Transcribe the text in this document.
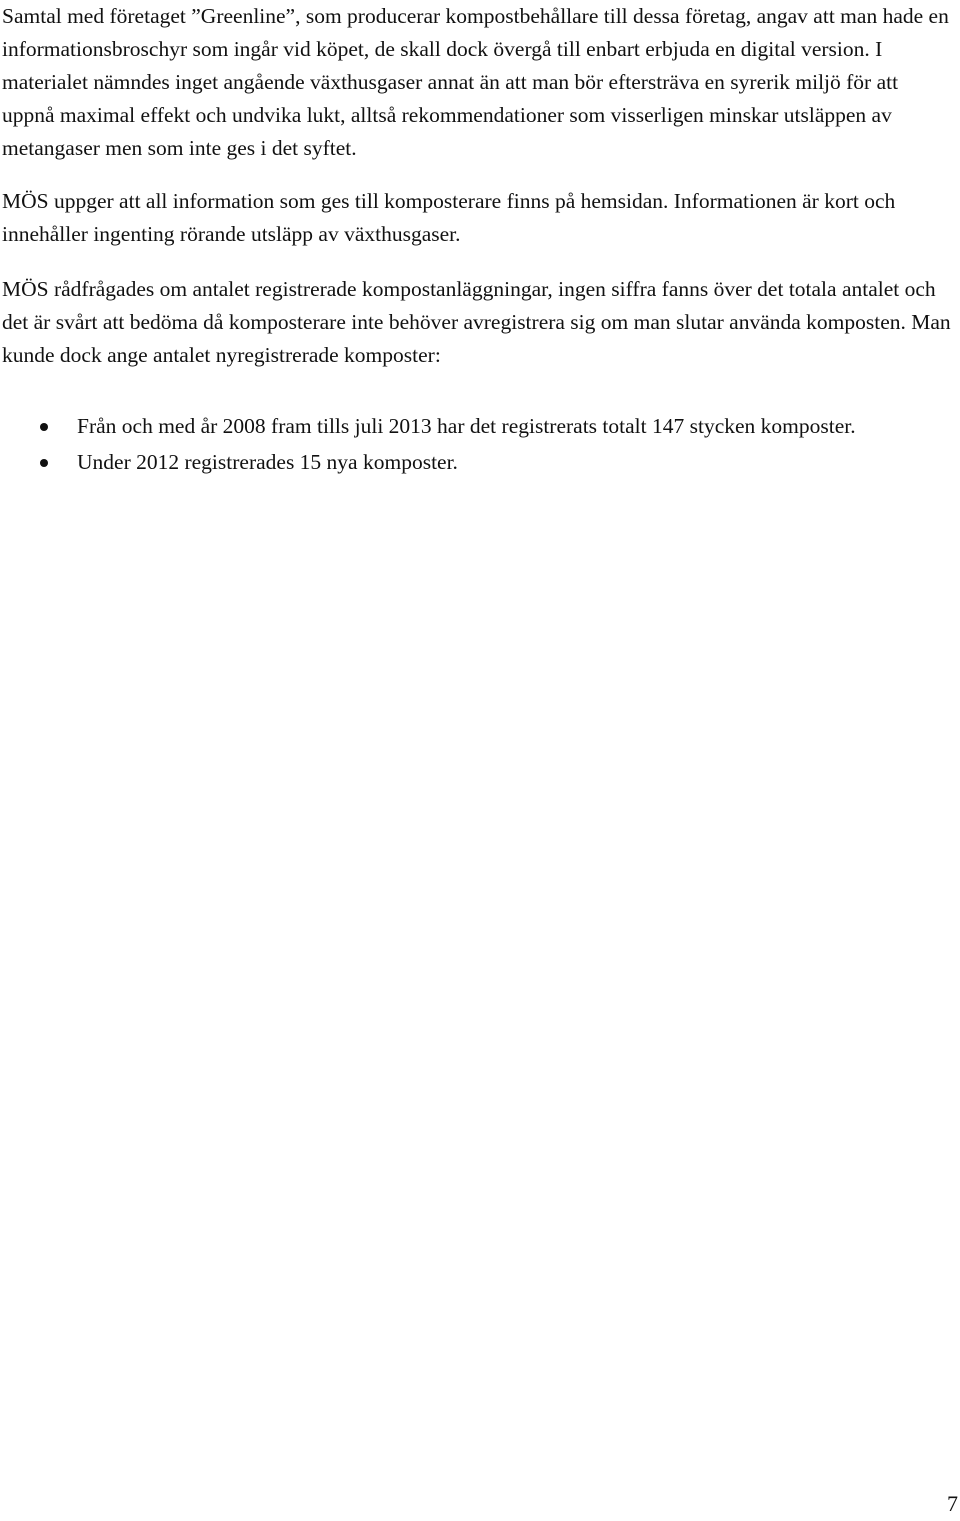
Samtal med företaget ”Greenline”, som producerar kompostbehållare till dessa företag, angav att man hade en informationsbroschyr som ingår vid köpet, de skall dock övergå till enbart erbjuda en digital version. I materialet nämndes inget angående växthusgaser annat än att man bör eftersträva en syrerik miljö för att uppnå maximal effekt och undvika lukt, alltså rekommendationer som visserligen minskar utsläppen av metangaser men som inte ges i det syftet.

MÖS uppger att all information som ges till komposterare finns på hemsidan. Informationen är kort och innehåller ingenting rörande utsläpp av växthusgaser.

MÖS rådfrågades om antalet registrerade kompostanläggningar, ingen siffra fanns över det totala antalet och det är svårt att bedöma då komposterare inte behöver avregistrera sig om man slutar använda komposten. Man kunde dock ange antalet nyregistrerade komposter:

Från och med år 2008 fram tills juli 2013 har det registrerats totalt 147 stycken komposter.
Under 2012 registrerades 15 nya komposter.
7
